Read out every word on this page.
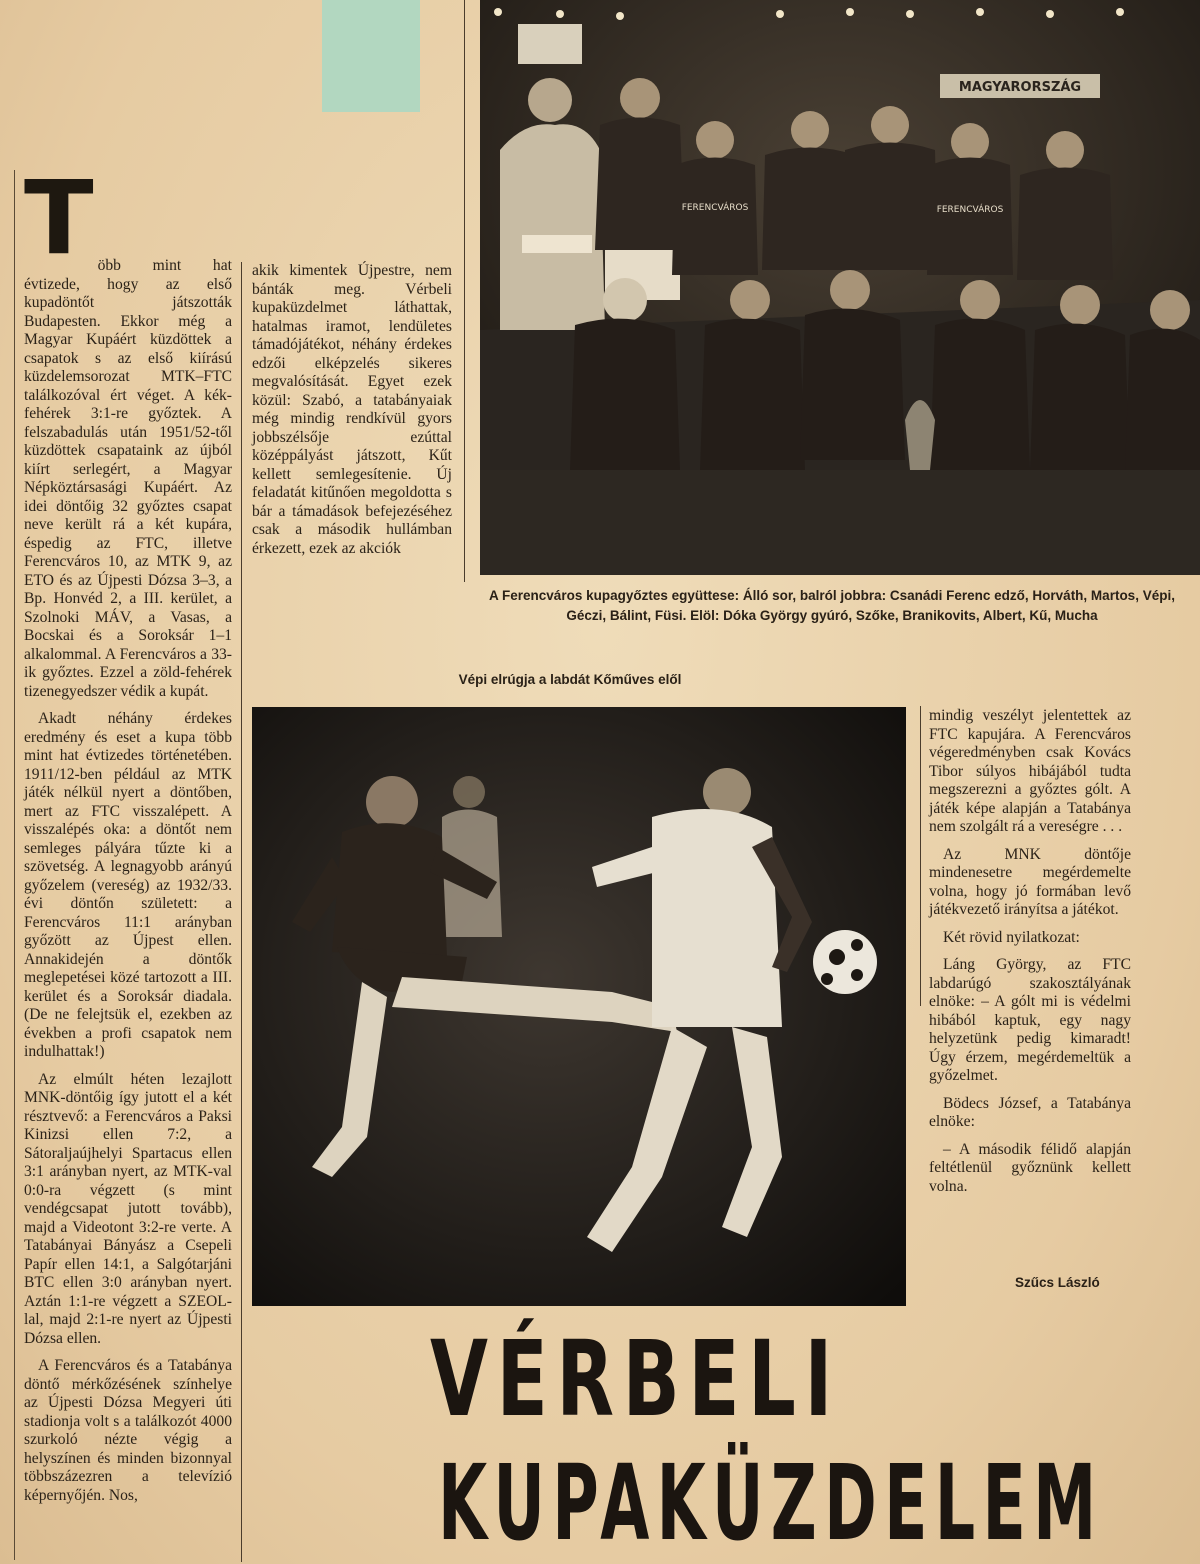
T öbb mint hat évtizede, hogy az első kupadöntőt játszották Budapesten. Ekkor még a Magyar Kupáért küzdöttek a csapatok s az első kiírású küzdelemsorozat MTK–FTC találkozóval ért véget. A kék-fehérek 3:1-re győztek. A felszabadulás után 1951/52-től küzdöttek csapataink az újból kiírt serlegért, a Magyar Népköztársasági Kupáért. Az idei döntőig 32 győztes csapat neve került rá a két kupára, éspedig az FTC, illetve Ferencváros 10, az MTK 9, az ETO és az Újpesti Dózsa 3–3, a Bp. Honvéd 2, a III. kerület, a Szolnoki MÁV, a Vasas, a Bocskai és a Soroksár 1–1 alkalommal. A Ferencváros a 33-ik győztes. Ezzel a zöld-fehérek tizenegyedszer védik a kupát.

Akadt néhány érdekes eredmény és eset a kupa több mint hat évtizedes történetében. 1911/12-ben például az MTK játék nélkül nyert a döntőben, mert az FTC visszalépett. A visszalépés oka: a döntőt nem semleges pályára tűzte ki a szövetség. A legnagyobb arányú győzelem (vereség) az 1932/33. évi döntőn született: a Ferencváros 11:1 arányban győzött az Újpest ellen. Annakidején a döntők meglepetései közé tartozott a III. kerület és a Soroksár diadala. (De ne felejtsük el, ezekben az években a profi csapatok nem indulhattak!)

Az elmúlt héten lezajlott MNK-döntőig így jutott el a két résztvevő: a Ferencváros a Paksi Kinizsi ellen 7:2, a Sátoraljaújhelyi Spartacus ellen 3:1 arányban nyert, az MTK-val 0:0-ra végzett (s mint vendégcsapat jutott tovább), majd a Videotont 3:2-re verte. A Tatabányai Bányász a Csepeli Papír ellen 14:1, a Salgótarjáni BTC ellen 3:0 arányban nyert. Aztán 1:1-re végzett a SZEOL-lal, majd 2:1-re nyert az Újpesti Dózsa ellen.

A Ferencváros és a Tatabánya döntő mérkőzésének színhelye az Újpesti Dózsa Megyeri úti stadionja volt s a találkozót 4000 szurkoló nézte végig a helyszínen és minden bizonnyal többszázezren a televízió képernyőjén. Nos,

akik kimentek Újpestre, nem bánták meg. Vérbeli kupaküzdelmet láthattak, hatalmas iramot, lendületes támadójátékot, néhány érdekes edzői elképzelés sikeres megvalósítását. Egyet ezek közül: Szabó, a tatabányaiak még mindig rendkívül gyors jobbszélsője ezúttal középpályást játszott, Kűt kellett semlegesítenie. Új feladatát kitűnően megoldotta s bár a támadások befejezéséhez csak a második hullámban érkezett, ezek az akciók

MAGYARORSZÁG
FERENCVÁROS	FERENCVÁROS
A Ferencváros kupagyőztes együttese: Álló sor, balról jobbra: Csanádi Ferenc edző, Horváth, Martos, Vépi, Géczi, Bálint, Füsi. Elöl: Dóka György gyúró, Szőke, Branikovits, Albert, Kű, Mucha
Vépi elrúgja a labdát Kőműves elől

mindig veszélyt jelentettek az FTC kapujára. A Ferencváros végeredményben csak Kovács Tibor súlyos hibájából tudta megszerezni a győztes gólt. A játék képe alapján a Tatabánya nem szolgált rá a vereségre . . .

Az MNK döntője mindenesetre megérdemelte volna, hogy jó formában levő játékvezető irányítsa a játékot.

Két rövid nyilatkozat:

Láng György, az FTC labdarúgó szakosztályának elnöke: – A gólt mi is védelmi hibából kaptuk, egy nagy helyzetünk pedig kimaradt! Úgy érzem, megérdemeltük a győzelmet.

Bödecs József, a Tatabánya elnöke:

– A második félidő alapján feltétlenül győznünk kellett volna.

Szűcs László
VÉRBELI
KUPAKÜZDELEM
